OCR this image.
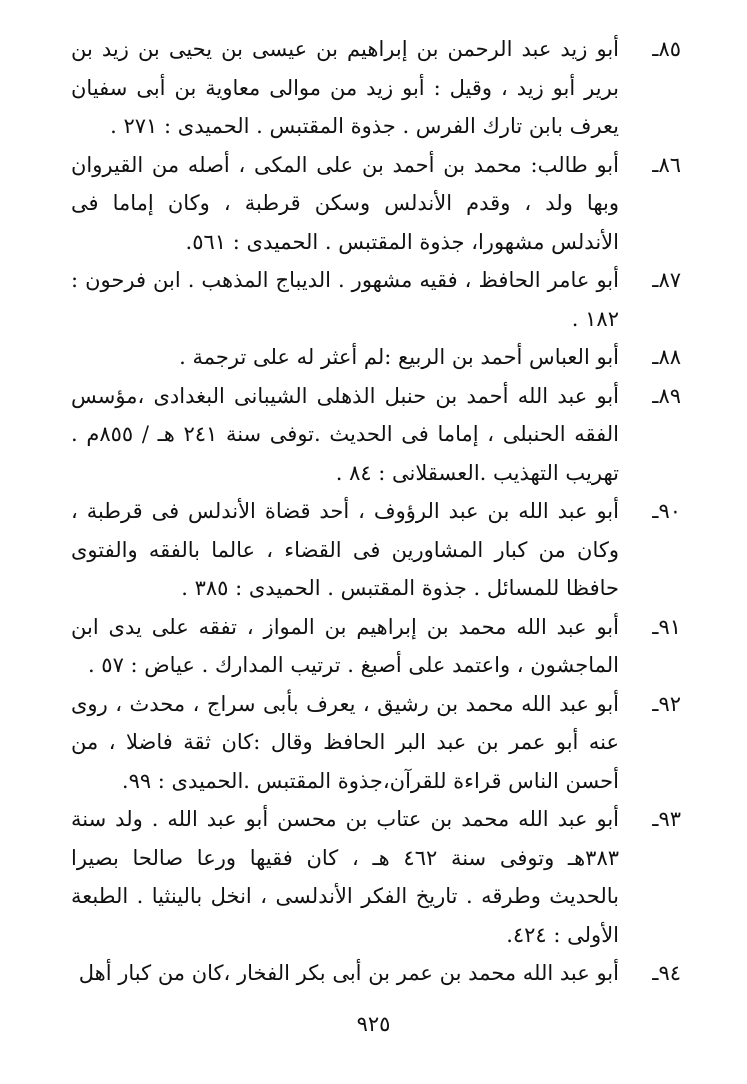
٨٥ـ
أبو زيد عبد الرحمن بن إبراهيم بن عيسى بن يحيى بن زيد بن برير أبو زيد ، وقيل : أبو زيد من موالى معاوية بن أبى سفيان يعرف بابن تارك الفرس . جذوة المقتبس . الحميدى : ٢٧١ .
٨٦ـ
أبو طالب: محمد بن أحمد بن على المكى ، أصله من القيروان وبها ولد ، وقدم الأندلس وسكن قرطبة ، وكان إماما فى الأندلس مشهورا، جذوة المقتبس . الحميدى : ٥٦١.
٨٧ـ
أبو عامر الحافظ ، فقيه مشهور . الديباج المذهب . ابن فرحون : ١٨٢ .
٨٨ـ
أبو العباس أحمد بن الربيع :لم أعثر له على ترجمة .
٨٩ـ
أبو عبد الله أحمد بن حنبل الذهلى الشيبانى البغدادى ،مؤسس الفقه الحنبلى ، إماما فى الحديث .توفى سنة ٢٤١ هـ / ٨٥٥م . تهريب التهذيب .العسقلانى : ٨٤ .
٩٠ـ
أبو عبد الله بن عبد الرؤوف ، أحد قضاة الأندلس فى قرطبة ، وكان من كبار المشاورين فى القضاء ، عالما بالفقه والفتوى حافظا للمسائل . جذوة المقتبس . الحميدى : ٣٨٥ .
٩١ـ
أبو عبد الله محمد بن إبراهيم بن المواز ، تفقه على يدى ابن الماجشون ، واعتمد على أصبغ . ترتيب المدارك . عياض : ٥٧ .
٩٢ـ
أبو عبد الله محمد بن رشيق ، يعرف بأبى سراج ، محدث ، روى عنه أبو عمر بن عبد البر الحافظ وقال :كان ثقة فاضلا ، من أحسن الناس قراءة للقرآن،جذوة المقتبس .الحميدى : ٩٩.
٩٣ـ
أبو عبد الله محمد بن عتاب بن محسن أبو عبد الله . ولد سنة ٣٨٣هـ وتوفى سنة ٤٦٢ هـ ، كان فقيها ورعا صالحا بصيرا بالحديث وطرقه . تاريخ الفكر الأندلسى ، انخل بالينثيا . الطبعة الأولى : ٤٢٤.
٩٤ـ
أبو عبد الله محمد بن عمر بن أبى بكر الفخار ،كان من كبار أهل
٩٢٥
